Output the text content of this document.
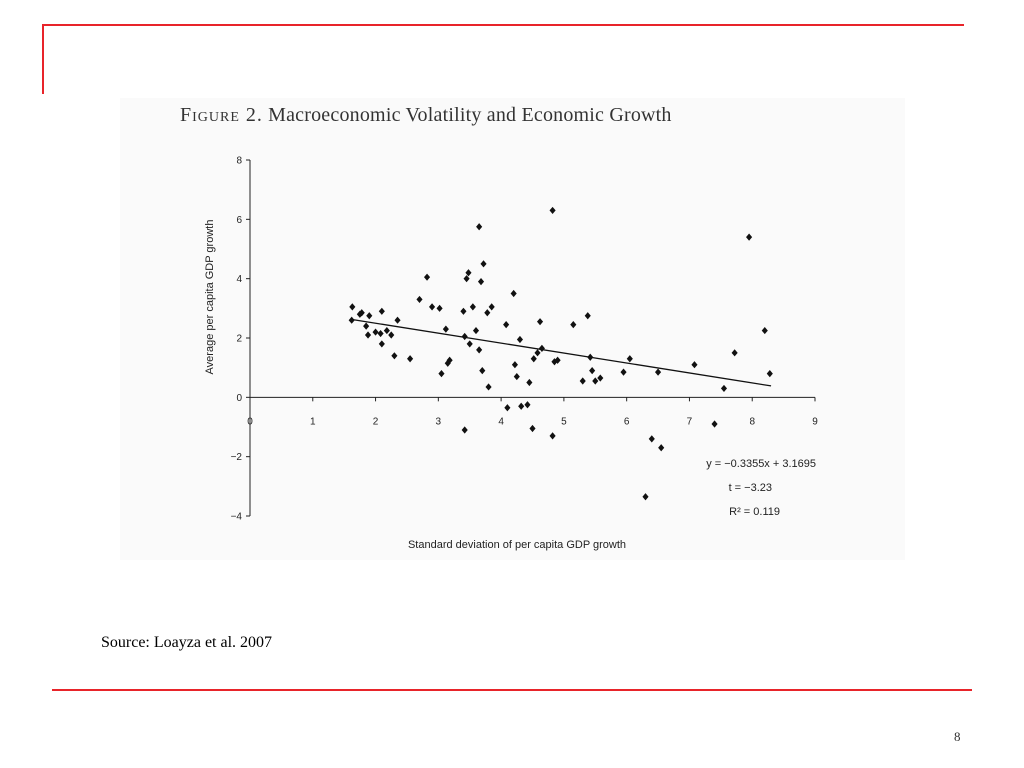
Figure 2. Macroeconomic Volatility and Economic Growth
−4
−2
0
2
4
6
8
0	1	2	3	4	5	6	7	8	9
Standard deviation of per capita GDP growth
Average per capita GDP growth
y = −0.3355x + 3.1695
t = −3.23
R² = 0.119
Source: Loayza et al. 2007
8
